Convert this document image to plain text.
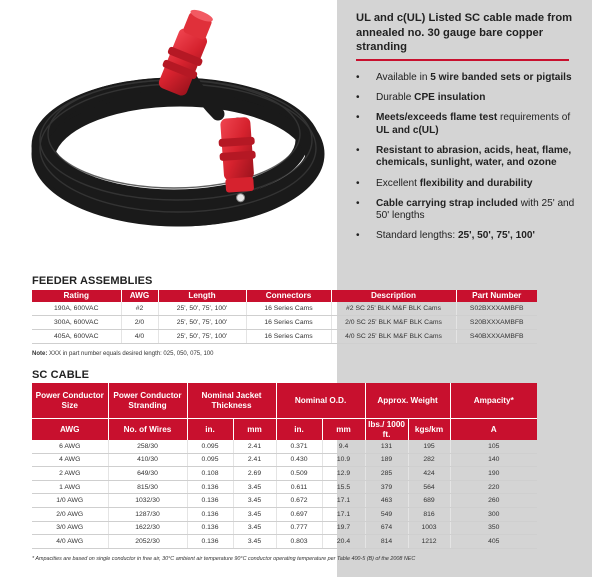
UL and c(UL) Listed SC cable made from annealed no. 30 gauge bare copper stranding
• Available in 5 wire banded sets or pigtails
• Durable CPE insulation
• Meets/exceeds flame test requirements of UL and c(UL)
• Resistant to abrasion, acids, heat, flame, chemicals, sunlight, water, and ozone
• Excellent flexibility and durability
• Cable carrying strap included with 25' and 50' lengths
• Standard lengths: 25', 50', 75', 100'
FEEDER ASSEMBLIES
Rating	AWG	Length	Connectors	Description	Part Number
190A, 600VAC	#2	25', 50', 75', 100'	16 Series Cams	#2 SC 25' BLK M&F BLK Cams	S02BXXXAMBFB
300A, 600VAC	2/0	25', 50', 75', 100'	16 Series Cams	2/0 SC 25' BLK M&F BLK Cams	S20BXXXAMBFB
405A, 600VAC	4/0	25', 50', 75', 100'	16 Series Cams	4/0 SC 25' BLK M&F BLK Cams	S40BXXXAMBFB
Note: XXX in part number equals desired length: 025, 050, 075, 100
SC CABLE
Power Conductor Size	Power Conductor Stranding	Nominal Jacket Thickness		Nominal O.D.		Approx. Weight		Ampacity*
AWG	No. of Wires	in.	mm	in.	mm	lbs./ 1000 ft.	kgs/km	A
6 AWG	258/30	0.095	2.41	0.371	9.4	131	195	105
4 AWG	410/30	0.095	2.41	0.430	10.9	189	282	140
2 AWG	649/30	0.108	2.69	0.509	12.9	285	424	190
1 AWG	815/30	0.136	3.45	0.611	15.5	379	564	220
1/0 AWG	1032/30	0.136	3.45	0.672	17.1	463	689	260
2/0 AWG	1287/30	0.136	3.45	0.697	17.1	549	816	300
3/0 AWG	1622/30	0.136	3.45	0.777	19.7	674	1003	350
4/0 AWG	2052/30	0.136	3.45	0.803	20.4	814	1212	405
* Ampacities are based on single conductor in free air, 30°C ambient air temperature 90°C conductor operating temperature per Table 400-5 (B) of the 2008 NEC
